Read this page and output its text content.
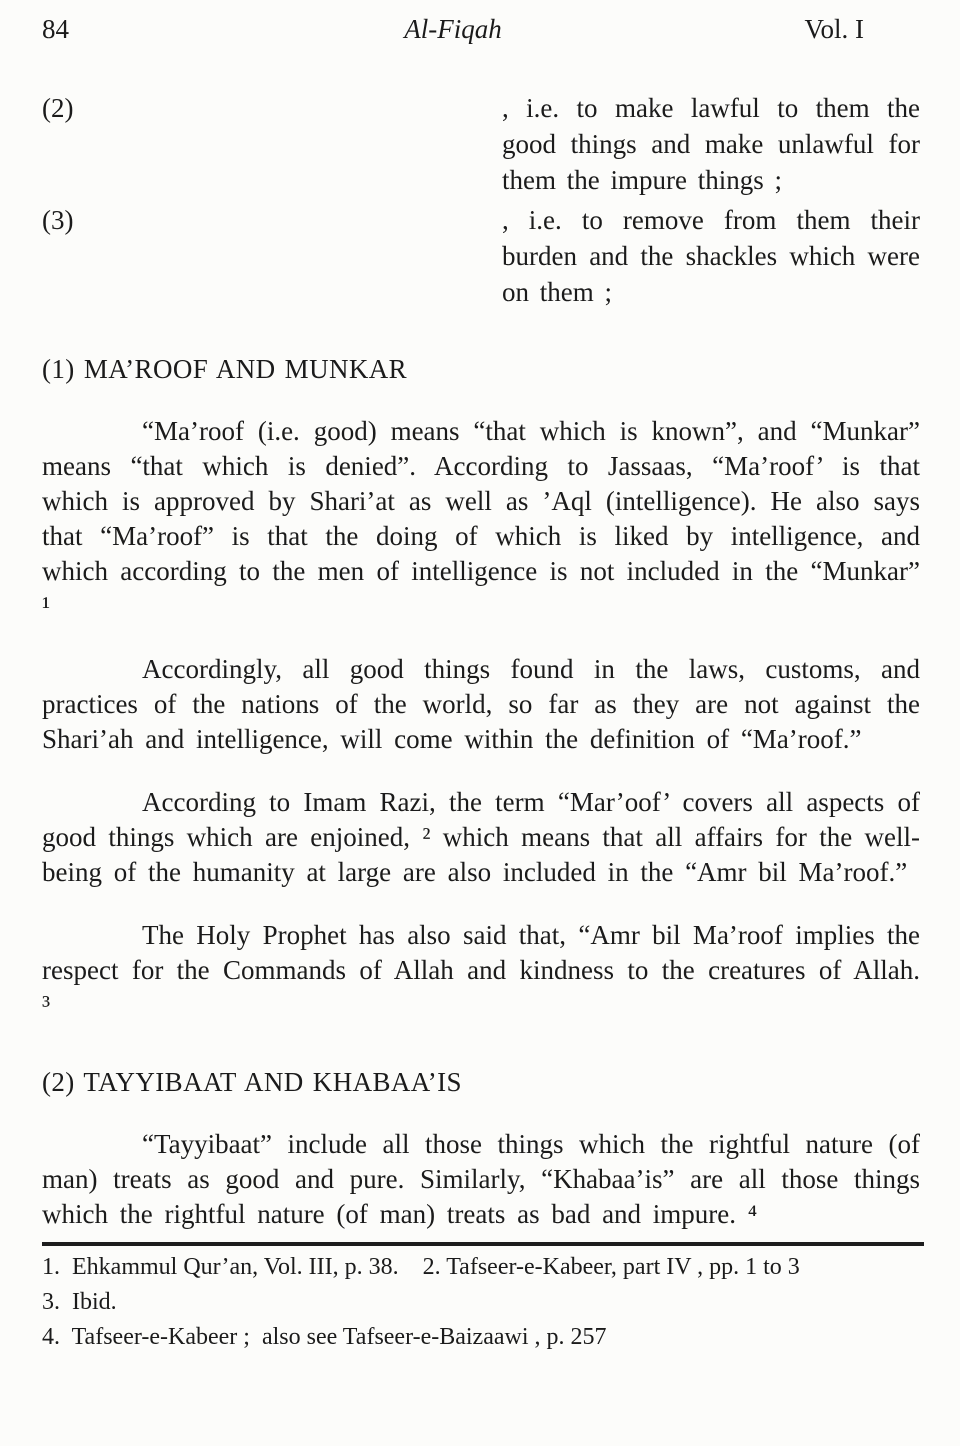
84	Al-Fiqah	Vol. I
(2)	, i.e. to make lawful to them the good things and make unlawful for them the impure things ;
(3)	, i.e. to remove from them their burden and the shackles which were on them ;
(1) MA’ROOF AND MUNKAR

“Ma’roof (i.e. good) means “that which is known”, and “Munkar” means “that which is denied”. According to Jassaas, “Ma’roof’ is that which is approved by Shari’at as well as ’Aql (intelligence). He also says that “Ma’roof” is that the doing of which is liked by intelligence, and which according to the men of intelligence is not included in the “Munkar” ¹

Accordingly, all good things found in the laws, customs, and practices of the nations of the world, so far as they are not against the Shari’ah and intelligence, will come within the definition of “Ma’roof.”

According to Imam Razi, the term “Mar’oof’ covers all aspects of good things which are enjoined, ² which means that all affairs for the well-being of the humanity at large are also included in the “Amr bil Ma’roof.”

The Holy Prophet has also said that, “Amr bil Ma’roof implies the respect for the Commands of Allah and kindness to the creatures of Allah. ³

(2) TAYYIBAAT AND KHABAA’IS

“Tayyibaat” include all those things which the rightful nature (of man) treats as good and pure. Similarly, “Khabaa’is” are all those things which the rightful nature (of man) treats as bad and impure. ⁴

1.  Ehkammul Qur’an, Vol. III, p. 38.    2. Tafseer-e-Kabeer, part IV , pp. 1 to 3
3.  Ibid.
4.  Tafseer-e-Kabeer ;  also see Tafseer-e-Baizaawi , p. 257
